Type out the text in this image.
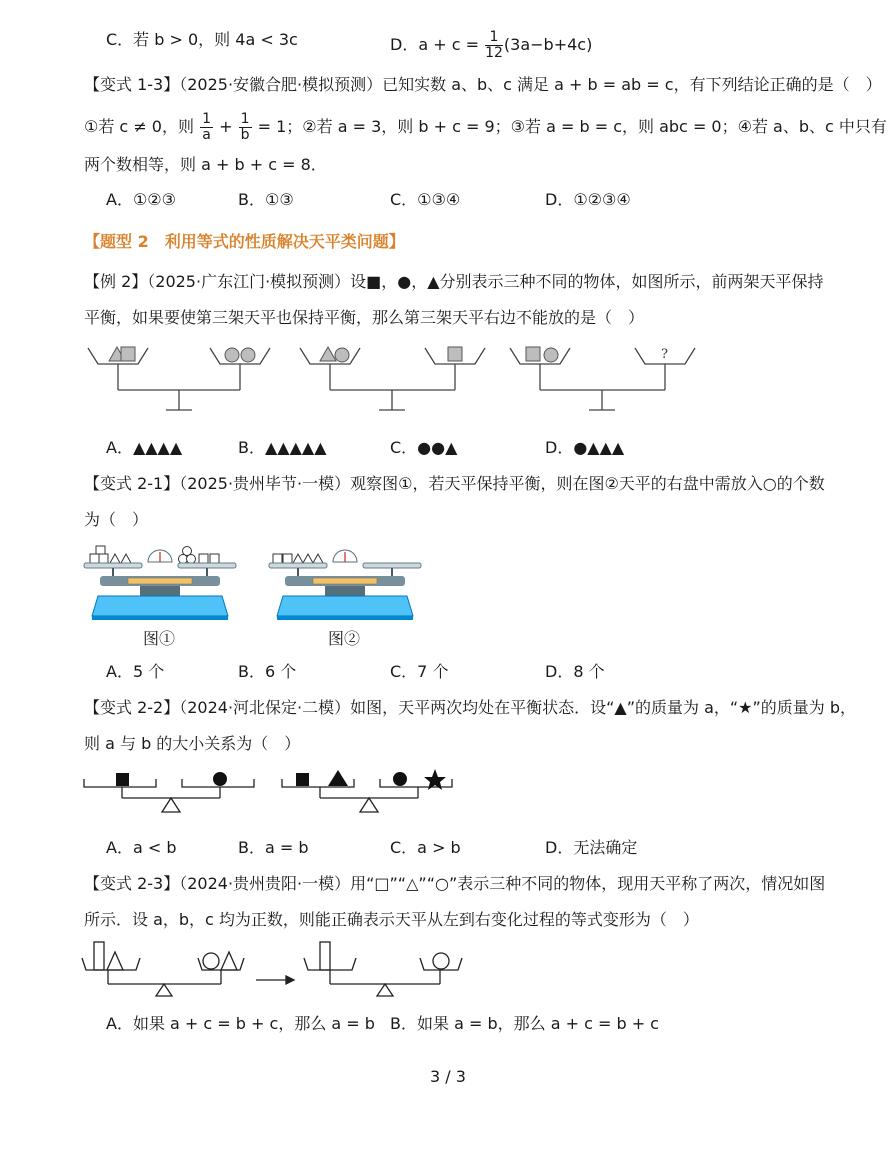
C．若 b > 0，则 4a < 3c	D．$a + c = \frac{1}{12} (3a-b+4c)$
【变式 1-3】（2025·安徽合肥·模拟预测）已知实数 a、b、c 满足 a + b = ab = c，有下列结论正确的是（　）
①若 c ≠ 0，则 $\frac{1}{a} + \frac{1}{b} = 1$；②若 a = 3，则 b + c = 9；③若 a = b = c，则 abc = 0；④若 a、b、c 中只有
两个数相等，则 a + b + c = 8．
A．①②③	B．①③	C．①③④	D．①②③④
【题型 2　利用等式的性质解决天平类问题】
【例 2】（2025·广东江门·模拟预测）设■，●，▲分别表示三种不同的物体，如图所示，前两架天平保持
平衡，如果要使第三架天平也保持平衡，那么第三架天平右边不能放的是（　）
?
A．▲▲▲▲	B．▲▲▲▲▲	C．●●▲	D．●▲▲▲
【变式 2-1】（2025·贵州毕节·一模）观察图①，若天平保持平衡，则在图②天平的右盘中需放入○的个数
为（　）
图①	图②
A．5 个	B．6 个	C．7 个	D．8 个
【变式 2-2】（2024·河北保定·二模）如图，天平两次均处在平衡状态．设“▲”的质量为 a，“★”的质量为 b，
则 a 与 b 的大小关系为（　）
A．a < b	B．a = b	C．a > b	D．无法确定
【变式 2-3】（2024·贵州贵阳·一模）用“□”“△”“○”表示三种不同的物体，现用天平称了两次，情况如图
所示．设 a，b，c 均为正数，则能正确表示天平从左到右变化过程的等式变形为（　）
A．如果 a + c = b + c，那么 a = b B．如果 a = b，那么 a + c = b + c
3 / 3
